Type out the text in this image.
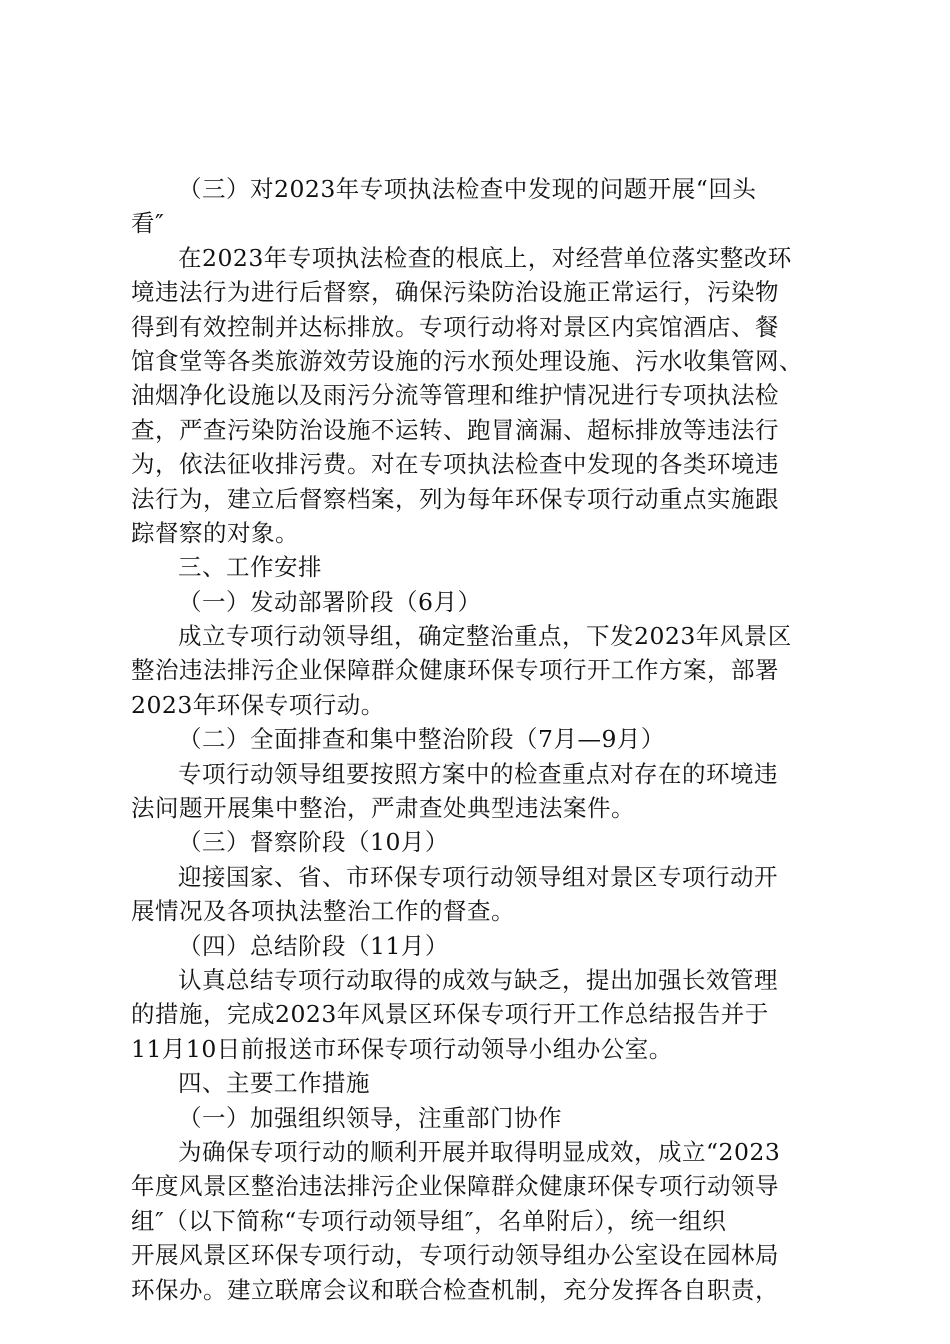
（三）对2023年专项执法检查中发现的问题开展“回头
看″
在2023年专项执法检查的根底上，对经营单位落实整改环
境违法行为进行后督察，确保污染防治设施正常运行，污染物
得到有效控制并达标排放。专项行动将对景区内宾馆酒店、餐
馆食堂等各类旅游效劳设施的污水预处理设施、污水收集管网、
油烟净化设施以及雨污分流等管理和维护情况进行专项执法检
查，严查污染防治设施不运转、跑冒滴漏、超标排放等违法行
为，依法征收排污费。对在专项执法检查中发现的各类环境违
法行为，建立后督察档案，列为每年环保专项行动重点实施跟
踪督察的对象。
三、工作安排
（一）发动部署阶段（6月）
成立专项行动领导组，确定整治重点，下发2023年风景区
整治违法排污企业保障群众健康环保专项行开工作方案，部署
2023年环保专项行动。
（二）全面排查和集中整治阶段（7月—9月）
专项行动领导组要按照方案中的检查重点对存在的环境违
法问题开展集中整治，严肃查处典型违法案件。
（三）督察阶段（10月）
迎接国家、省、市环保专项行动领导组对景区专项行动开
展情况及各项执法整治工作的督查。
（四）总结阶段（11月）
认真总结专项行动取得的成效与缺乏，提出加强长效管理
的措施，完成2023年风景区环保专项行开工作总结报告并于
11月10日前报送市环保专项行动领导小组办公室。
四、主要工作措施
（一）加强组织领导，注重部门协作
为确保专项行动的顺利开展并取得明显成效，成立“2023
年度风景区整治违法排污企业保障群众健康环保专项行动领导
组″（以下简称“专项行动领导组″，名单附后），统一组织
开展风景区环保专项行动，专项行动领导组办公室设在园林局
环保办。建立联席会议和联合检查机制，充分发挥各自职责，
